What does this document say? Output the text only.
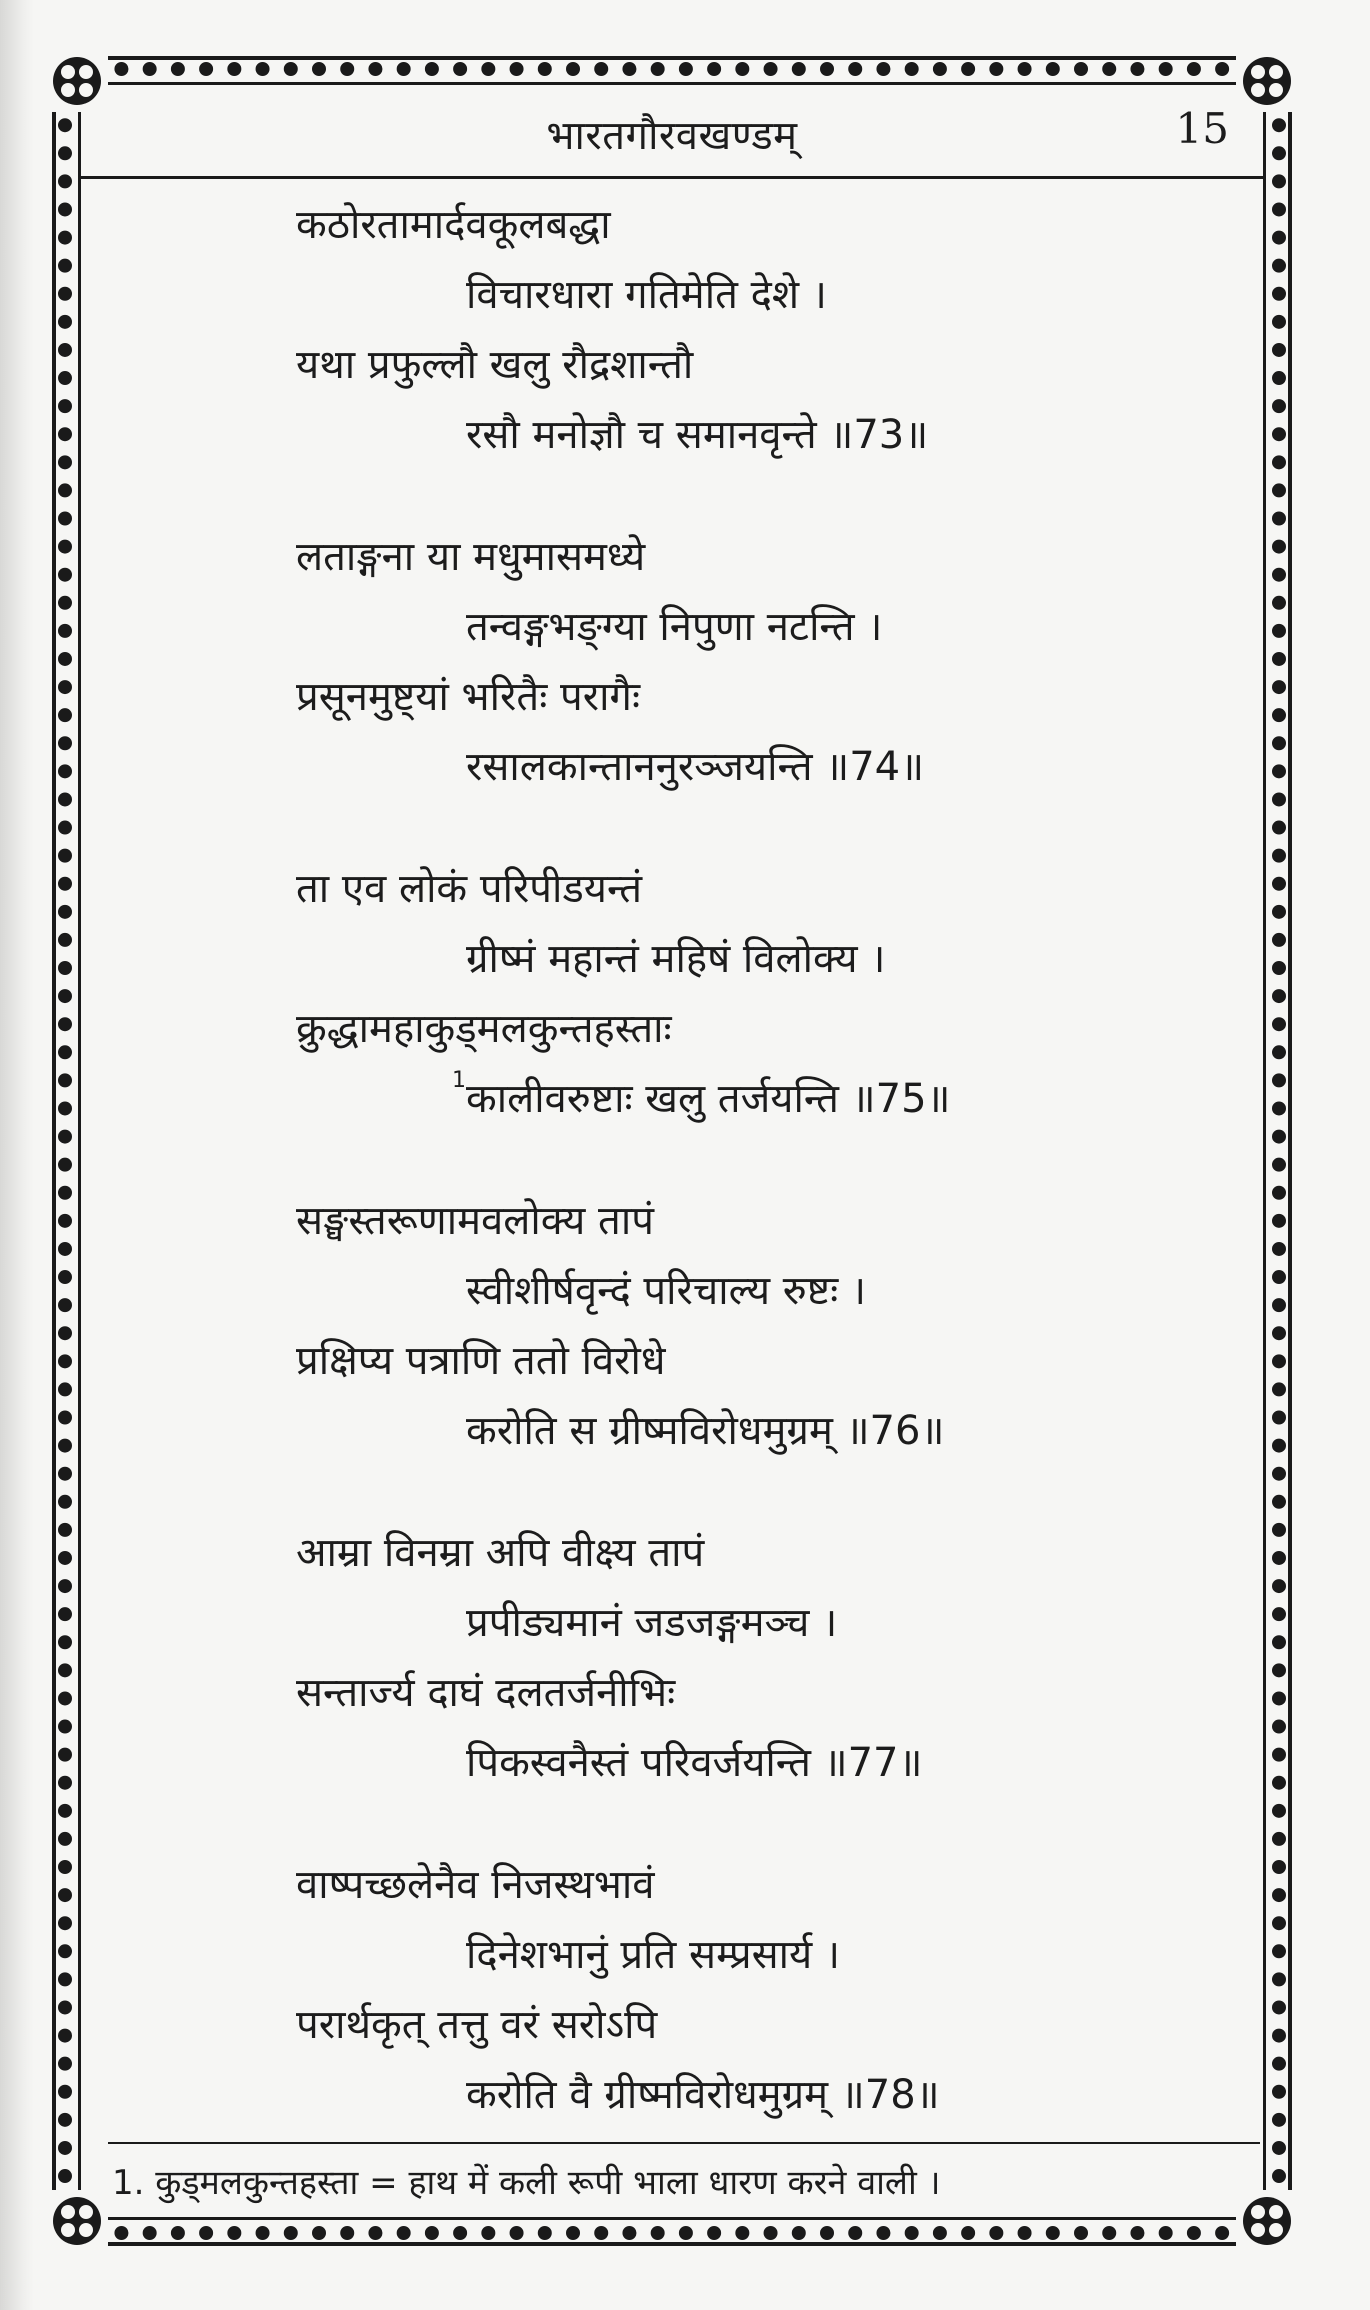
भारतगौरवखण्डम्	15
कठोरतामार्दवकूलबद्धा
विचारधारा गतिमेति देशे ।
यथा प्रफुल्लौ खलु रौद्रशान्तौ
रसौ मनोज्ञौ च समानवृन्ते ॥73॥
लताङ्गना या मधुमासमध्ये
तन्वङ्गभङ्ग्या निपुणा नटन्ति ।
प्रसूनमुष्ट्यां भरितैः परागैः
रसालकान्ताननुरञ्जयन्ति ॥74॥
ता एव लोकं परिपीडयन्तं
ग्रीष्मं महान्तं महिषं विलोक्य ।
क्रुद्धामहाकुड्मलकुन्तहस्ताः
कालीवरुष्टाः खलु तर्जयन्ति ॥75॥
सङ्घस्तरूणामवलोक्य तापं
स्वीशीर्षवृन्दं परिचाल्य रुष्टः ।
प्रक्षिप्य पत्राणि ततो विरोधे
करोति स ग्रीष्मविरोधमुग्रम् ॥76॥
आम्रा विनम्रा अपि वीक्ष्य तापं
प्रपीड्यमानं जडजङ्गमञ्च ।
सन्तार्ज्य दाघं दलतर्जनीभिः
पिकस्वनैस्तं परिवर्जयन्ति ॥77॥
वाष्पच्छलेनैव निजस्थभावं
दिनेशभानुं प्रति सम्प्रसार्य ।
परार्थकृत् तत्तु वरं सरोऽपि
करोति वै ग्रीष्मविरोधमुग्रम् ॥78॥
1
1. कुड्मलकुन्तहस्ता = हाथ में कली रूपी भाला धारण करने वाली ।
